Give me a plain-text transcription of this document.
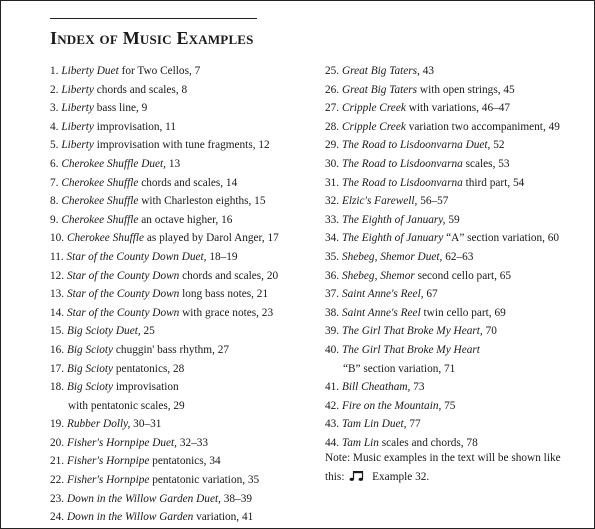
Index of Music Examples
1. Liberty Duet for Two Cellos, 7
2. Liberty chords and scales, 8
3. Liberty bass line, 9
4. Liberty improvisation, 11
5. Liberty improvisation with tune fragments, 12
6. Cherokee Shuffle Duet, 13
7. Cherokee Shuffle chords and scales, 14
8. Cherokee Shuffle with Charleston eighths, 15
9. Cherokee Shuffle an octave higher, 16
10. Cherokee Shuffle as played by Darol Anger, 17
11. Star of the County Down Duet, 18–19
12. Star of the County Down chords and scales, 20
13. Star of the County Down long bass notes, 21
14. Star of the County Down with grace notes, 23
15. Big Scioty Duet, 25
16. Big Scioty chuggin' bass rhythm, 27
17. Big Scioty pentatonics, 28
18. Big Scioty improvisation
with pentatonic scales, 29
19. Rubber Dolly, 30–31
20. Fisher's Hornpipe Duet, 32–33
21. Fisher's Hornpipe pentatonics, 34
22. Fisher's Hornpipe pentatonic variation, 35
23. Down in the Willow Garden Duet, 38–39
24. Down in the Willow Garden variation, 41
25. Great Big Taters, 43
26. Great Big Taters with open strings, 45
27. Cripple Creek with variations, 46–47
28. Cripple Creek variation two accompaniment, 49
29. The Road to Lisdoonvarna Duet, 52
30. The Road to Lisdoonvarna scales, 53
31. The Road to Lisdoonvarna third part, 54
32. Elzic's Farewell, 56–57
33. The Eighth of January, 59
34. The Eighth of January “A” section variation, 60
35. Shebeg, Shemor Duet, 62–63
36. Shebeg, Shemor second cello part, 65
37. Saint Anne's Reel, 67
38. Saint Anne's Reel twin cello part, 69
39. The Girl That Broke My Heart, 70
40. The Girl That Broke My Heart
“B” section variation, 71
41. Bill Cheatham, 73
42. Fire on the Mountain, 75
43. Tam Lin Duet, 77
44. Tam Lin scales and chords, 78
Note: Music examples in the text will be shown like
this: Example 32.
